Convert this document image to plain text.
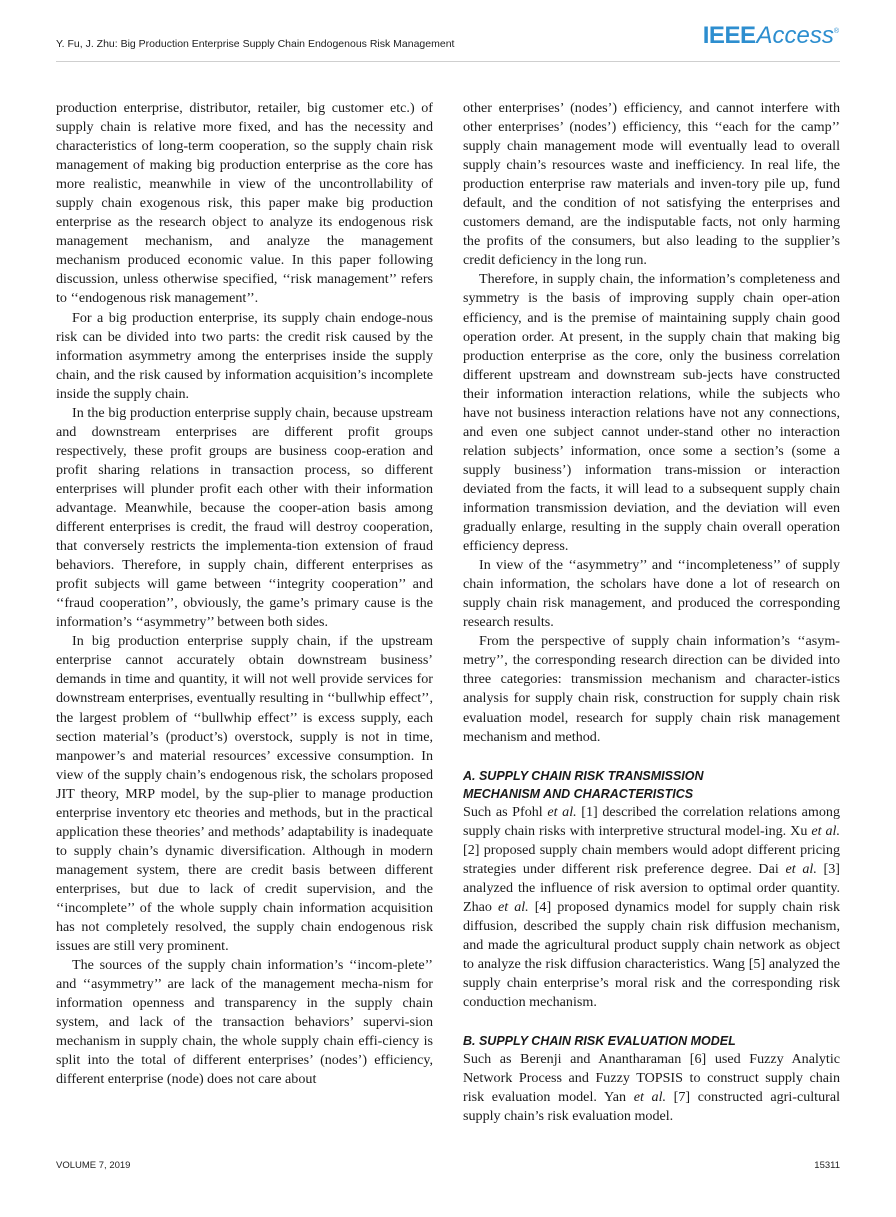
Y. Fu, J. Zhu: Big Production Enterprise Supply Chain Endogenous Risk Management	IEEEAccess®

production enterprise, distributor, retailer, big customer etc.) of supply chain is relative more fixed, and has the necessity and characteristics of long-term cooperation, so the supply chain risk management of making big production enterprise as the core has more realistic, meanwhile in view of the uncontrollability of supply chain exogenous risk, this paper make big production enterprise as the research object to analyze its endogenous risk management mechanism, and analyze the management mechanism produced economic value. In this paper following discussion, unless otherwise specified, ‘‘risk management’’ refers to ‘‘endogenous risk management’’.

For a big production enterprise, its supply chain endoge-nous risk can be divided into two parts: the credit risk caused by the information asymmetry among the enterprises inside the supply chain, and the risk caused by information acquisition’s incomplete inside the supply chain.

In the big production enterprise supply chain, because upstream and downstream enterprises are different profit groups respectively, these profit groups are business coop-eration and profit sharing relations in transaction process, so different enterprises will plunder profit each other with their information advantage. Meanwhile, because the cooper-ation basis among different enterprises is credit, the fraud will destroy cooperation, that conversely restricts the implementa-tion extension of fraud behaviors. Therefore, in supply chain, different enterprises as profit subjects will game between ‘‘integrity cooperation’’ and ‘‘fraud cooperation’’, obviously, the game’s primary cause is the information’s ‘‘asymmetry’’ between both sides.

In big production enterprise supply chain, if the upstream enterprise cannot accurately obtain downstream business’ demands in time and quantity, it will not well provide services for downstream enterprises, eventually resulting in ‘‘bullwhip effect’’, the largest problem of ‘‘bullwhip effect’’ is excess supply, each section material’s (product’s) overstock, supply is not in time, manpower’s and material resources’ excessive consumption. In view of the supply chain’s endogenous risk, the scholars proposed JIT theory, MRP model, by the sup-plier to manage production enterprise inventory etc theories and methods, but in the practical application these theories’ and methods’ adaptability is inadequate to supply chain’s dynamic diversification. Although in modern management system, there are credit basis between different enterprises, but due to lack of credit supervision, and the ‘‘incomplete’’ of the whole supply chain information acquisition has not completely resolved, the supply chain endogenous risk issues are still very prominent.

The sources of the supply chain information’s ‘‘incom-plete’’ and ‘‘asymmetry’’ are lack of the management mecha-nism for information openness and transparency in the supply chain system, and lack of the transaction behaviors’ supervi-sion mechanism in supply chain, the whole supply chain effi-ciency is split into the total of different enterprises’ (nodes’) efficiency, different enterprise (node) does not care about

other enterprises’ (nodes’) efficiency, and cannot interfere with other enterprises’ (nodes’) efficiency, this ‘‘each for the camp’’ supply chain management mode will eventually lead to overall supply chain’s resources waste and inefficiency. In real life, the production enterprise raw materials and inven-tory pile up, fund default, and the condition of not satisfying the enterprises and customers demand, are the indisputable facts, not only harming the profits of the consumers, but also leading to the supplier’s credit deficiency in the long run.

Therefore, in supply chain, the information’s completeness and symmetry is the basis of improving supply chain oper-ation efficiency, and is the premise of maintaining supply chain good operation order. At present, in the supply chain that making big production enterprise as the core, only the business correlation different upstream and downstream sub-jects have constructed their information interaction relations, while the subjects who have not business interaction relations have not any connections, and even one subject cannot under-stand other no interaction relation subjects’ information, once some a section’s (some a supply business’) information trans-mission or interaction deviated from the facts, it will lead to a subsequent supply chain information transmission deviation, and the deviation will even gradually enlarge, resulting in the supply chain overall operation efficiency depress.

In view of the ‘‘asymmetry’’ and ‘‘incompleteness’’ of supply chain information, the scholars have done a lot of research on supply chain risk management, and produced the corresponding research results.

From the perspective of supply chain information’s ‘‘asym-metry’’, the corresponding research direction can be divided into three categories: transmission mechanism and character-istics analysis for supply chain risk, construction for supply chain risk evaluation model, research for supply chain risk management mechanism and method.

A. SUPPLY CHAIN RISK TRANSMISSION
MECHANISM AND CHARACTERISTICS

Such as Pfohl et al. [1] described the correlation relations among supply chain risks with interpretive structural model-ing. Xu et al. [2] proposed supply chain members would adopt different pricing strategies under different risk preference degree. Dai et al. [3] analyzed the influence of risk aversion to optimal order quantity. Zhao et al. [4] proposed dynamics model for supply chain risk diffusion, described the supply chain risk diffusion mechanism, and made the agricultural product supply chain network as object to analyze the risk diffusion characteristics. Wang [5] analyzed the supply chain enterprise’s moral risk and the corresponding risk conduction mechanism.

B. SUPPLY CHAIN RISK EVALUATION MODEL

Such as Berenji and Anantharaman [6] used Fuzzy Analytic Network Process and Fuzzy TOPSIS to construct supply chain risk evaluation model. Yan et al. [7] constructed agri-cultural supply chain’s risk evaluation model.

VOLUME 7, 2019	15311
